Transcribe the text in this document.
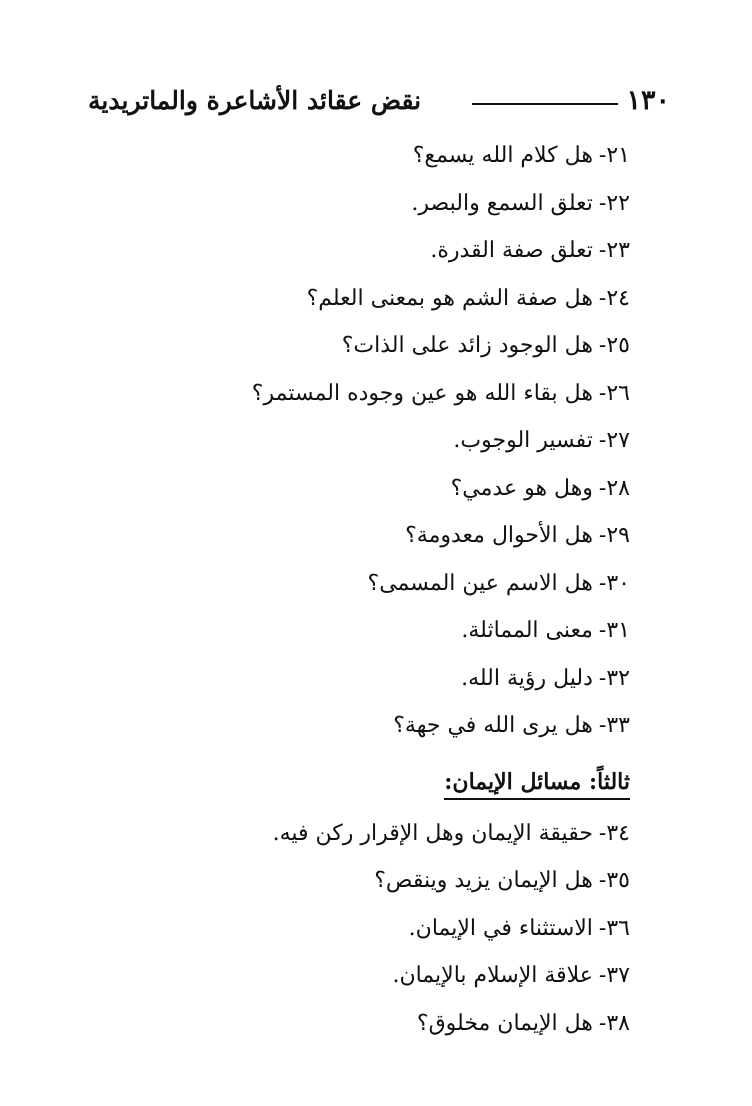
١٣٠
نقض عقائد الأشاعرة والماتريدية
٢١-هل كلام الله يسمع؟
٢٢-تعلق السمع والبصر.
٢٣-تعلق صفة القدرة.
٢٤-هل صفة الشم هو بمعنى العلم؟
٢٥-هل الوجود زائد على الذات؟
٢٦-هل بقاء الله هو عين وجوده المستمر؟
٢٧-تفسير الوجوب.
٢٨-وهل هو عدمي؟
٢٩-هل الأحوال معدومة؟
٣٠-هل الاسم عين المسمى؟
٣١-معنى المماثلة.
٣٢-دليل رؤية الله.
٣٣-هل يرى الله في جهة؟
ثالثاً: مسائل الإيمان:
٣٤-حقيقة الإيمان وهل الإقرار ركن فيه.
٣٥-هل الإيمان يزيد وينقص؟
٣٦-الاستثناء في الإيمان.
٣٧-علاقة الإسلام بالإيمان.
٣٨-هل الإيمان مخلوق؟
